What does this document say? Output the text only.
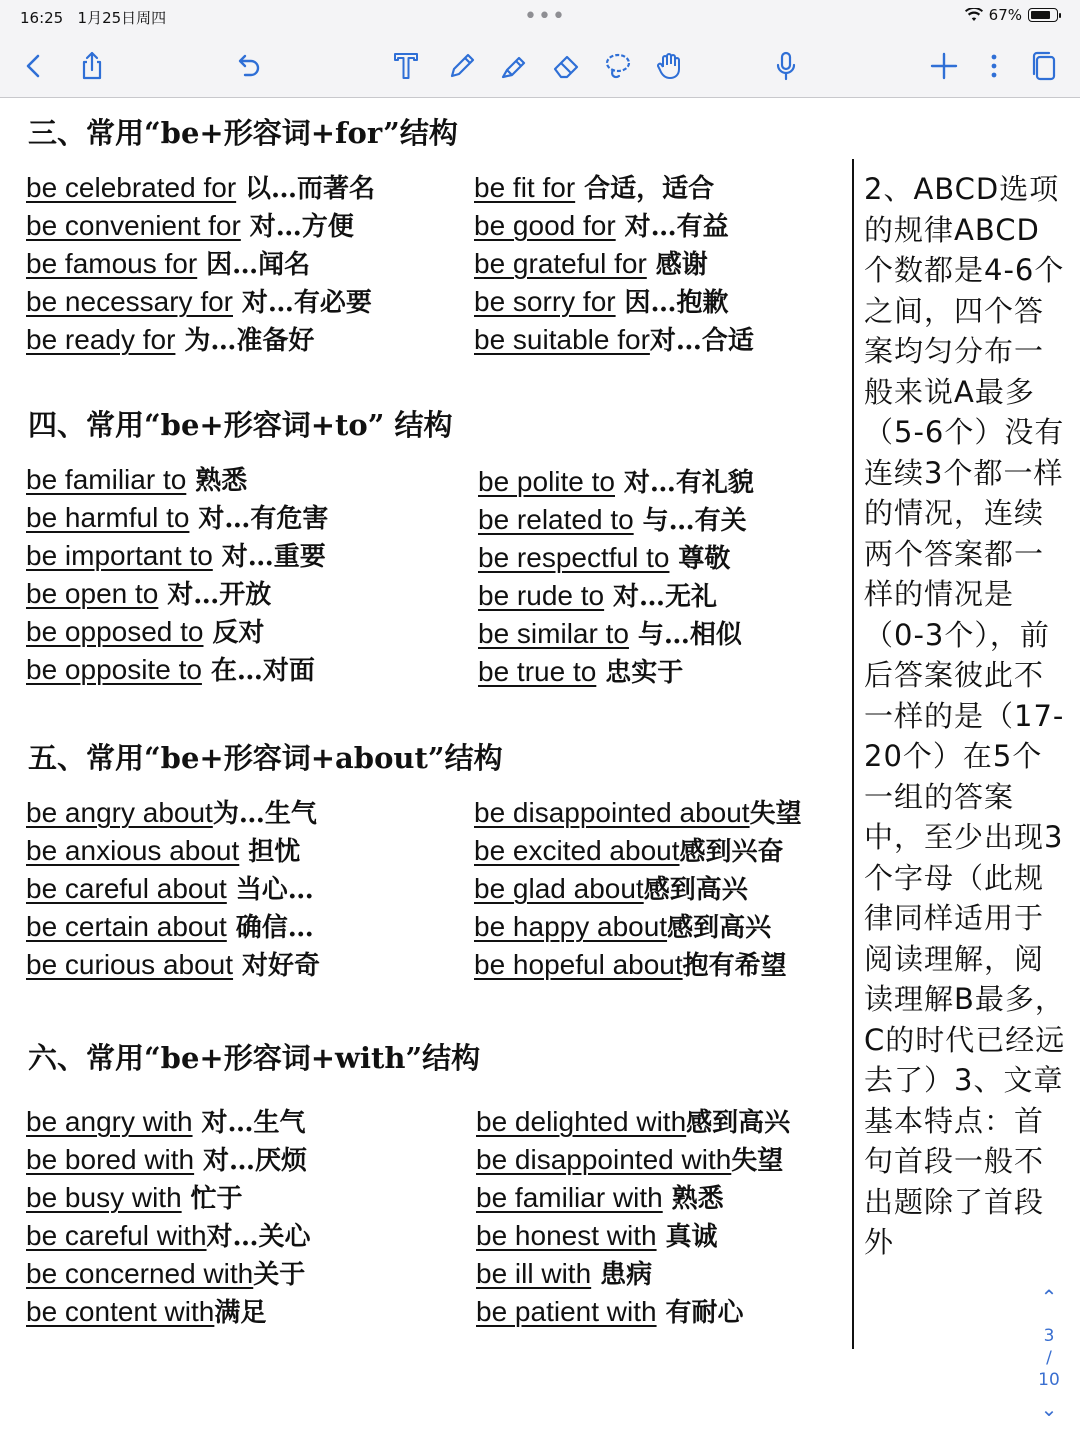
16:25 1月25日周四	•••	67%
三、常用“be+形容词+for”结构
be celebrated for 以…而著名
be convenient for 对…方便
be famous for 因…闻名
be necessary for 对…有必要
be ready for 为…准备好
be fit for 合适，适合
be good for 对…有益
be grateful for 感谢
be sorry for 因…抱歉
be suitable for对…合适
四、常用“be+形容词+to” 结构
be familiar to 熟悉
be harmful to 对…有危害
be important to 对…重要
be open to 对…开放
be opposed to 反对
be opposite to 在…对面
be polite to 对…有礼貌
be related to 与…有关
be respectful to 尊敬
be rude to 对…无礼
be similar to 与…相似
be true to 忠实于
五、常用“be+形容词+about”结构
be angry about为…生气
be anxious about 担忧
be careful about 当心…
be certain about 确信…
be curious about 对好奇
be disappointed about失望
be excited about感到兴奋
be glad about感到高兴
be happy about感到高兴
be hopeful about抱有希望
六、常用“be+形容词+with”结构
be angry with 对…生气
be bored with 对…厌烦
be busy with 忙于
be careful with对…关心
be concerned with关于
be content with满足
be delighted with感到高兴
be disappointed with失望
be familiar with 熟悉
be honest with 真诚
be ill with 患病
be patient with 有耐心
2、ABCD选项的规律ABCD个数都是4-6个之间，四个答案均匀分布一般来说A最多（5-6个）没有连续3个都一样的情况，连续两个答案都一样的情况是（0-3个），前后答案彼此不一样的是（17-20个）在5个一组的答案中，至少出现3个字母（此规律同样适用于阅读理解，阅读理解B最多，C的时代已经远去了）3、文章基本特点：首句首段一般不出题除了首段外
⌃
3
/
10
⌄
